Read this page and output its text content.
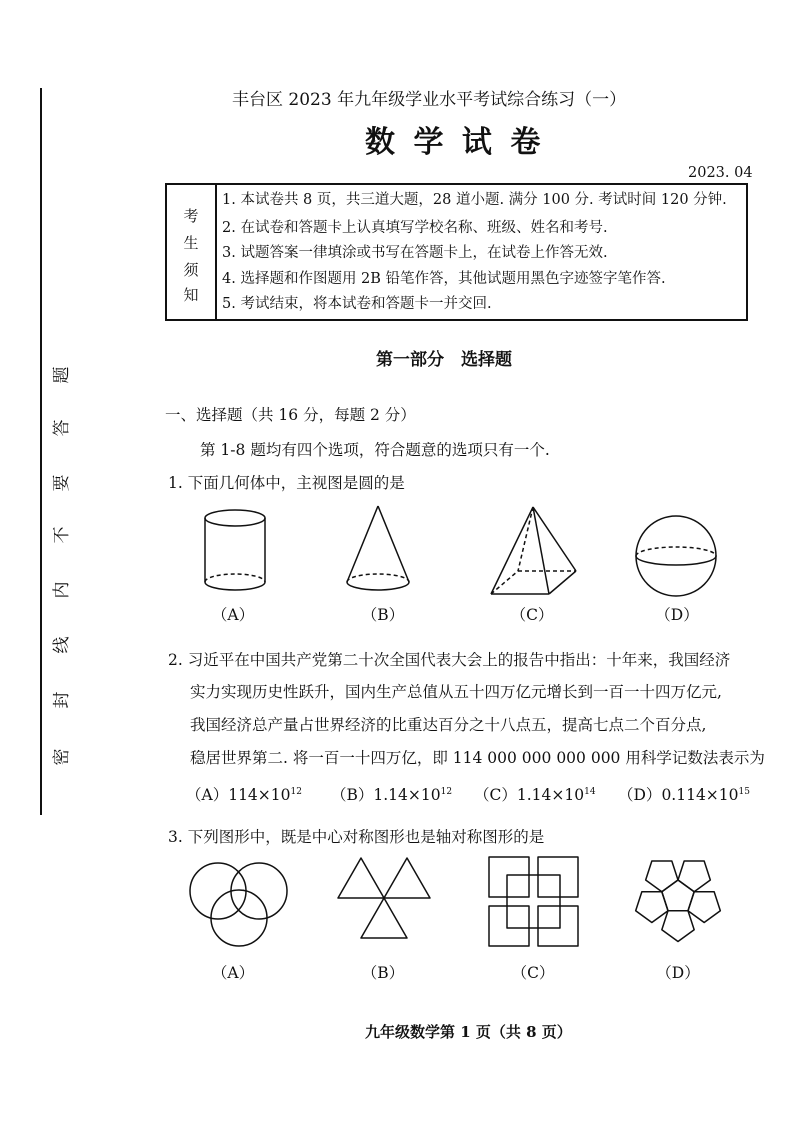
密
封
线
内
不
要
答
题
丰台区 2023 年九年级学业水平考试综合练习（一）
数 学 试 卷
2023. 04
考
生
须
知
1. 本试卷共 8 页，共三道大题，28 道小题. 满分 100 分. 考试时间 120 分钟.
2. 在试卷和答题卡上认真填写学校名称、班级、姓名和考号.
3. 试题答案一律填涂或书写在答题卡上，在试卷上作答无效.
4. 选择题和作图题用 2B 铅笔作答，其他试题用黑色字迹签字笔作答.
5. 考试结束，将本试卷和答题卡一并交回.
第一部分　选择题
一、选择题（共 16 分，每题 2 分）
第 1-8 题均有四个选项，符合题意的选项只有一个.
1. 下面几何体中，主视图是圆的是
（A）	（B）	（C）	（D）
2. 习近平在中国共产党第二十次全国代表大会上的报告中指出：十年来，我国经济
实力实现历史性跃升，国内生产总值从五十四万亿元增长到一百一十四万亿元,
我国经济总产量占世界经济的比重达百分之十八点五，提高七点二个百分点,
稳居世界第二. 将一百一十四万亿，即 114 000 000 000 000 用科学记数法表示为
$(A)114\times 10^{12}$ $(B)1.14\times 10^{12}$ $(C)1.14\times 10^{14}$ $(D)0.114\times 10^{15}$
3. 下列图形中，既是中心对称图形也是轴对称图形的是
（A）	（B）	（C）	（D）
九年级数学第 1 页（共 8 页）
